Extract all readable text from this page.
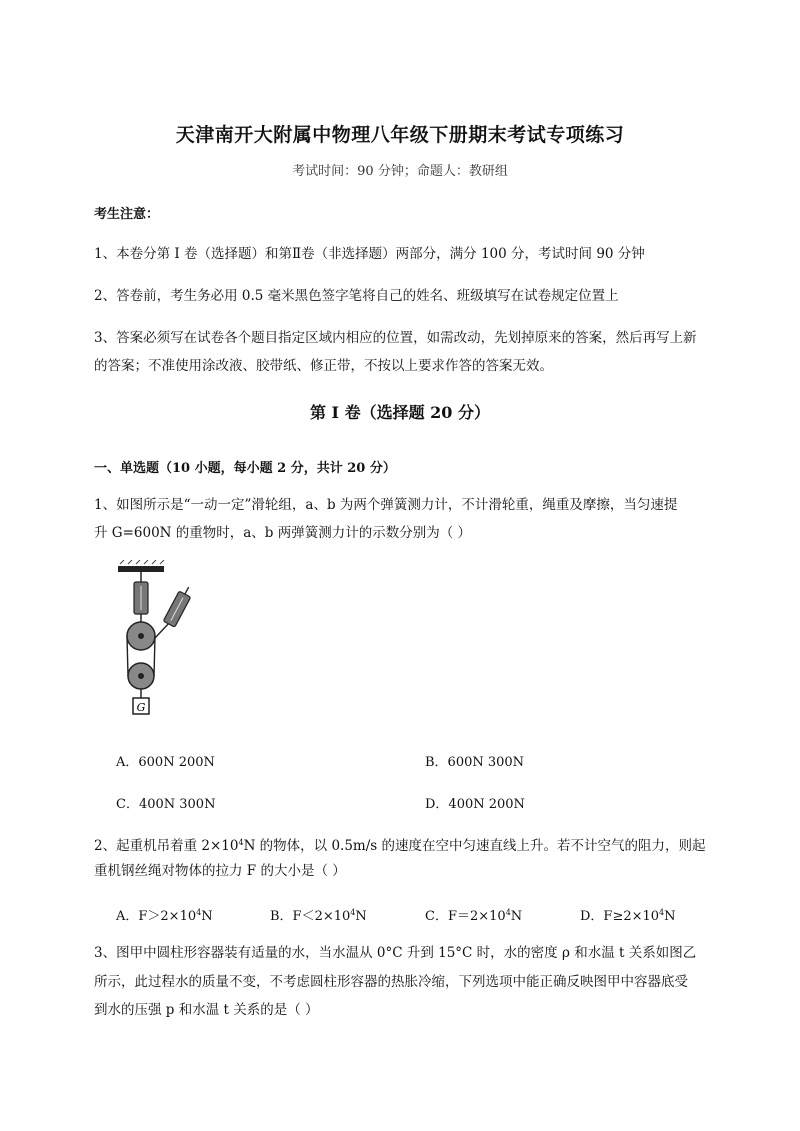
天津南开大附属中物理八年级下册期末考试专项练习
考试时间：90 分钟；命题人：教研组
考生注意：
1、本卷分第 I 卷（选择题）和第Ⅱ卷（非选择题）两部分，满分 100 分，考试时间 90 分钟
2、答卷前，考生务必用 0.5 毫米黑色签字笔将自己的姓名、班级填写在试卷规定位置上
3、答案必须写在试卷各个题目指定区域内相应的位置，如需改动，先划掉原来的答案，然后再写上新
的答案；不准使用涂改液、胶带纸、修正带，不按以上要求作答的答案无效。
第 I 卷（选择题 20 分）
一、单选题（10 小题，每小题 2 分，共计 20 分）
1、如图所示是“一动一定”滑轮组，a、b 为两个弹簧测力计，不计滑轮重，绳重及摩擦，当匀速提
升 G=600N 的重物时，a、b 两弹簧测力计的示数分别为（ ）
G
A．600N 200N	B．600N 300N
C．400N 300N	D．400N 200N
2、起重机吊着重 $2\times 10^4N$ 的物体，以 0.5m/s 的速度在空中匀速直线上升。若不计空气的阻力，则起
重机钢丝绳对物体的拉力 F 的大小是（ ）
A．$F>2\times 10^4N$	B．$F<2\times 10^4N$	C．$F=2\times 10^4N$	D．$F\ge 2\times 10^4N$
3、图甲中圆柱形容器装有适量的水，当水温从 0°C 升到 15°C 时，水的密度 ρ 和水温 t 关系如图乙
所示，此过程水的质量不变，不考虑圆柱形容器的热胀冷缩，下列选项中能正确反映图甲中容器底受
到水的压强 p 和水温 t 关系的是（ ）
